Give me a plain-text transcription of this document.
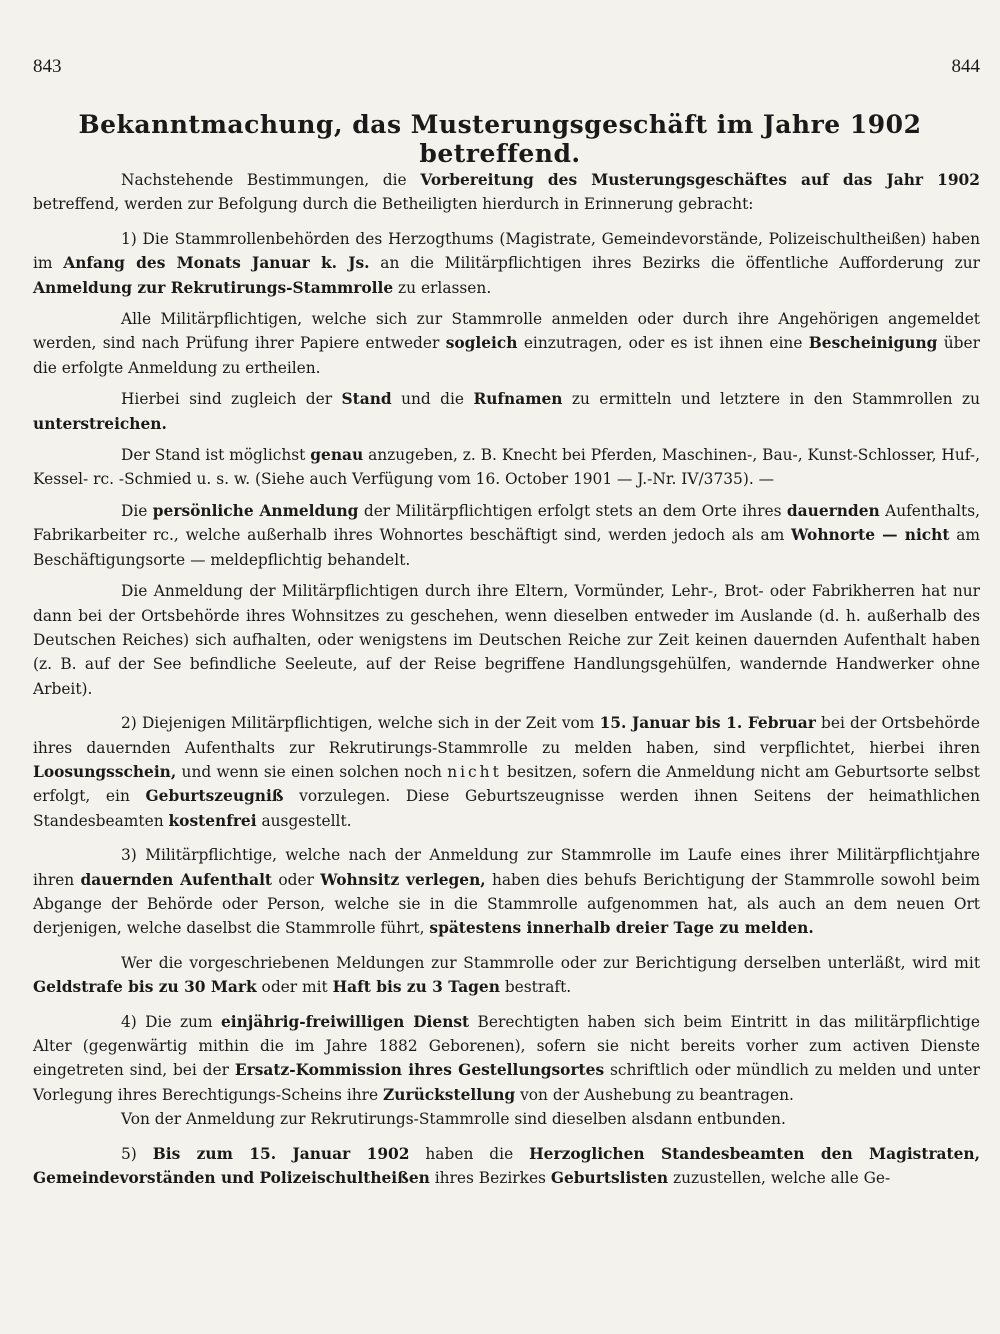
843	844
Bekanntmachung, das Musterungsgeschäft im Jahre 1902 betreffend.

Nachstehende Bestimmungen, die Vorbereitung des Musterungsgeschäftes auf das Jahr 1902 betreffend, werden zur Befolgung durch die Betheiligten hierdurch in Erinnerung gebracht:

1) Die Stammrollenbehörden des Herzogthums (Magistrate, Gemeindevorstände, Polizeischultheißen) haben im Anfang des Monats Januar k. Js. an die Militärpflichtigen ihres Bezirks die öffentliche Aufforderung zur Anmeldung zur Rekrutirungs-Stammrolle zu erlassen.

Alle Militärpflichtigen, welche sich zur Stammrolle anmelden oder durch ihre Angehörigen angemeldet werden, sind nach Prüfung ihrer Papiere entweder sogleich einzutragen, oder es ist ihnen eine Bescheinigung über die erfolgte Anmeldung zu ertheilen.

Hierbei sind zugleich der Stand und die Rufnamen zu ermitteln und letztere in den Stammrollen zu unterstreichen.

Der Stand ist möglichst genau anzugeben, z. B. Knecht bei Pferden, Maschinen-, Bau-, Kunst-Schlosser, Huf-, Kessel- rc. -Schmied u. s. w. (Siehe auch Verfügung vom 16. October 1901 — J.-Nr. IV/3735). —

Die persönliche Anmeldung der Militärpflichtigen erfolgt stets an dem Orte ihres dauernden Aufenthalts, Fabrikarbeiter rc., welche außerhalb ihres Wohnortes beschäftigt sind, werden jedoch als am Wohnorte — nicht am Beschäftigungsorte — meldepflichtig behandelt.

Die Anmeldung der Militärpflichtigen durch ihre Eltern, Vormünder, Lehr-, Brot- oder Fabrikherren hat nur dann bei der Ortsbehörde ihres Wohnsitzes zu geschehen, wenn dieselben entweder im Auslande (d. h. außerhalb des Deutschen Reiches) sich aufhalten, oder wenigstens im Deutschen Reiche zur Zeit keinen dauernden Aufenthalt haben (z. B. auf der See befindliche Seeleute, auf der Reise begriffene Handlungsgehülfen, wandernde Handwerker ohne Arbeit).

2) Diejenigen Militärpflichtigen, welche sich in der Zeit vom 15. Januar bis 1. Februar bei der Ortsbehörde ihres dauernden Aufenthalts zur Rekrutirungs-Stammrolle zu melden haben, sind verpflichtet, hierbei ihren Loosungsschein, und wenn sie einen solchen noch nicht besitzen, sofern die Anmeldung nicht am Geburtsorte selbst erfolgt, ein Geburtszeugniß vorzulegen. Diese Geburtszeugnisse werden ihnen Seitens der heimathlichen Standesbeamten kostenfrei ausgestellt.

3) Militärpflichtige, welche nach der Anmeldung zur Stammrolle im Laufe eines ihrer Militärpflichtjahre ihren dauernden Aufenthalt oder Wohnsitz verlegen, haben dies behufs Berichtigung der Stammrolle sowohl beim Abgange der Behörde oder Person, welche sie in die Stammrolle aufgenommen hat, als auch an dem neuen Ort derjenigen, welche daselbst die Stammrolle führt, spätestens innerhalb dreier Tage zu melden.

Wer die vorgeschriebenen Meldungen zur Stammrolle oder zur Berichtigung derselben unterläßt, wird mit Geldstrafe bis zu 30 Mark oder mit Haft bis zu 3 Tagen bestraft.

4) Die zum einjährig-freiwilligen Dienst Berechtigten haben sich beim Eintritt in das militärpflichtige Alter (gegenwärtig mithin die im Jahre 1882 Geborenen), sofern sie nicht bereits vorher zum activen Dienste eingetreten sind, bei der Ersatz-Kommission ihres Gestellungsortes schriftlich oder mündlich zu melden und unter Vorlegung ihres Berechtigungs-Scheins ihre Zurückstellung von der Aushebung zu beantragen.

Von der Anmeldung zur Rekrutirungs-Stammrolle sind dieselben alsdann entbunden.

5) Bis zum 15. Januar 1902 haben die Herzoglichen Standesbeamten den Magistraten, Gemeindevorständen und Polizeischultheißen ihres Bezirkes Geburtslisten zuzustellen, welche alle Ge-
